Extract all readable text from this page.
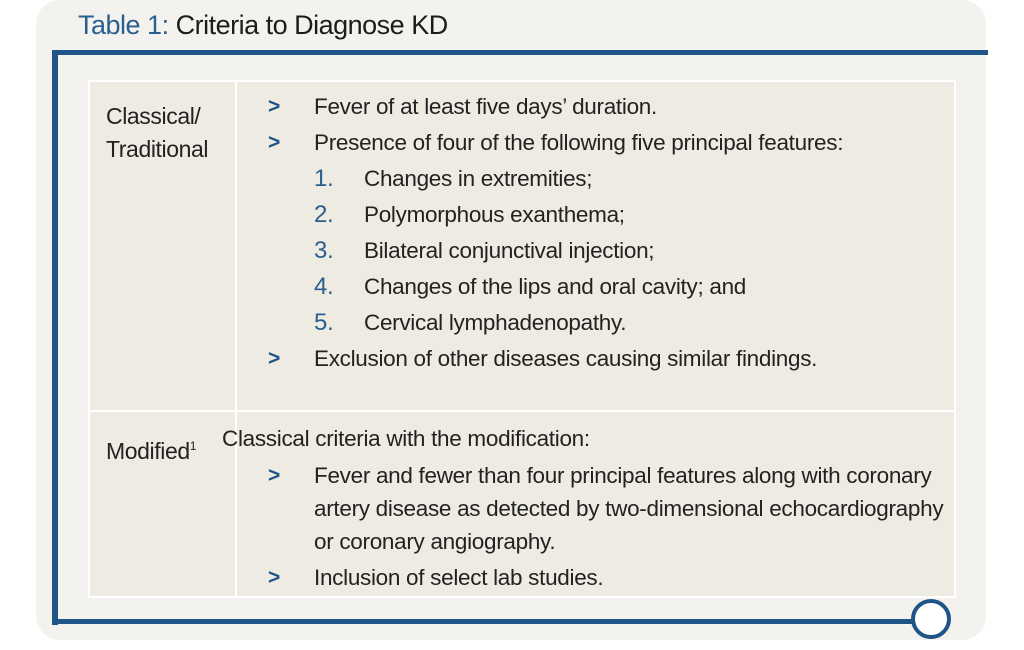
Table 1: Criteria to Diagnose KD
Classical/
Traditional
> Fever of at least five days’ duration.
> Presence of four of the following five principal features:
1. Changes in extremities;
2. Polymorphous exanthema;
3. Bilateral conjunctival injection;
4. Changes of the lips and oral cavity; and
5. Cervical lymphadenopathy.
> Exclusion of other diseases causing similar findings.
Modified$^1$ Classical criteria with the modification:
> Fever and fewer than four principal features along with coronary artery disease as detected by two-dimensional echocardiography or coronary angiography.
> Inclusion of select lab studies.
